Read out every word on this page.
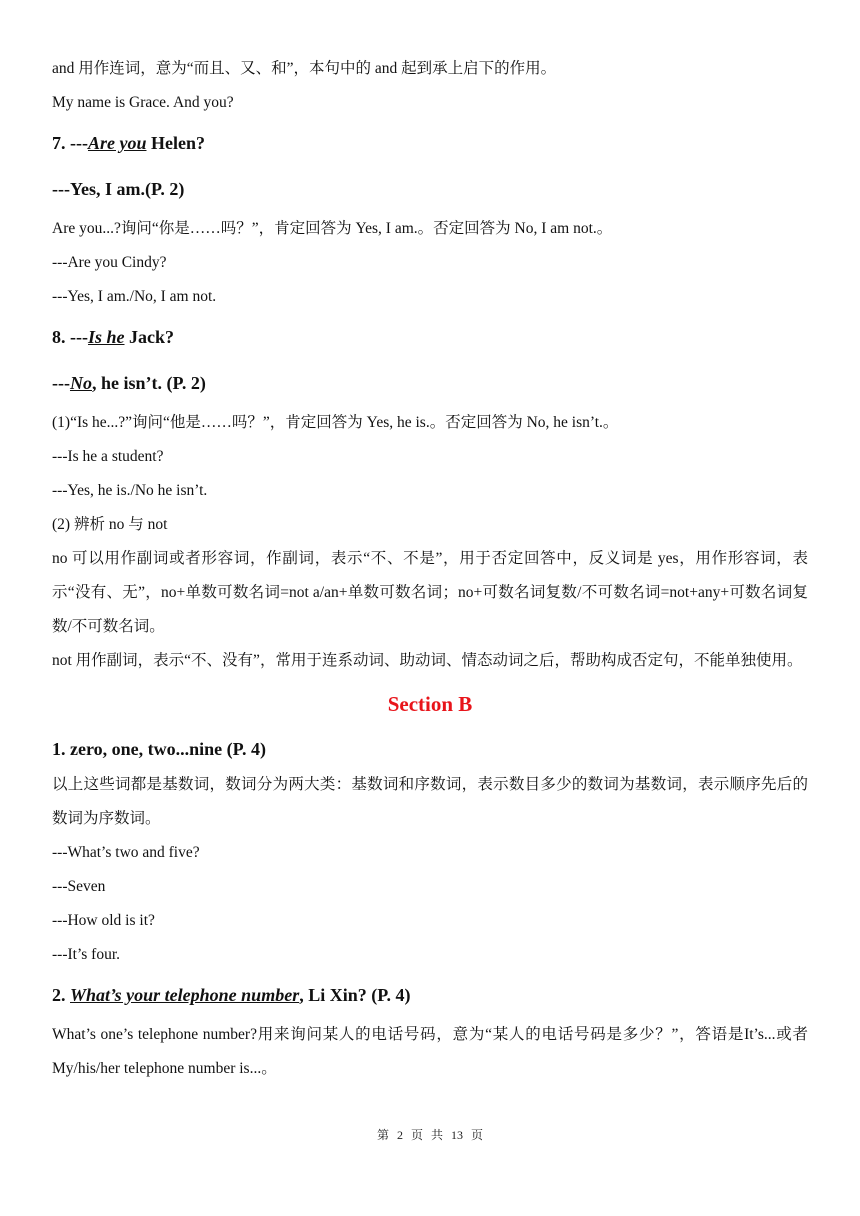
and 用作连词，意为“而且、又、和”，本句中的 and 起到承上启下的作用。

My name is Grace. And you?

7. ---Are you Helen?

---Yes, I am.(P. 2)

Are you...?询问“你是……吗？”，肯定回答为 Yes, I am.。否定回答为 No, I am not.。

---Are you Cindy?

---Yes, I am./No, I am not.

8. ---Is he Jack?

---No, he isn’t. (P. 2)

(1)“Is he...?”询问“他是……吗？”，肯定回答为 Yes, he is.。否定回答为 No, he isn’t.。

---Is he a student?

---Yes, he is./No he isn’t.

(2) 辨析 no 与 not

no 可以用作副词或者形容词，作副词，表示“不、不是”，用于否定回答中，反义词是 yes，用作形容词，表示“没有、无”，no+单数可数名词=not a/an+单数可数名词；no+可数名词复数/不可数名词=not+any+可数名词复数/不可数名词。

not 用作副词，表示“不、没有”，常用于连系动词、助动词、情态动词之后，帮助构成否定句，不能单独使用。

Section B

1. zero, one, two...nine (P. 4)

以上这些词都是基数词，数词分为两大类：基数词和序数词，表示数目多少的数词为基数词，表示顺序先后的数词为序数词。

---What’s two and five?

---Seven

---How old is it?

---It’s four.

2. What’s your telephone number, Li Xin? (P. 4)

What’s one’s telephone number?用来询问某人的电话号码，意为“某人的电话号码是多少？”，答语是It’s...或者 My/his/her telephone number is...。

第 2 页 共 13 页
